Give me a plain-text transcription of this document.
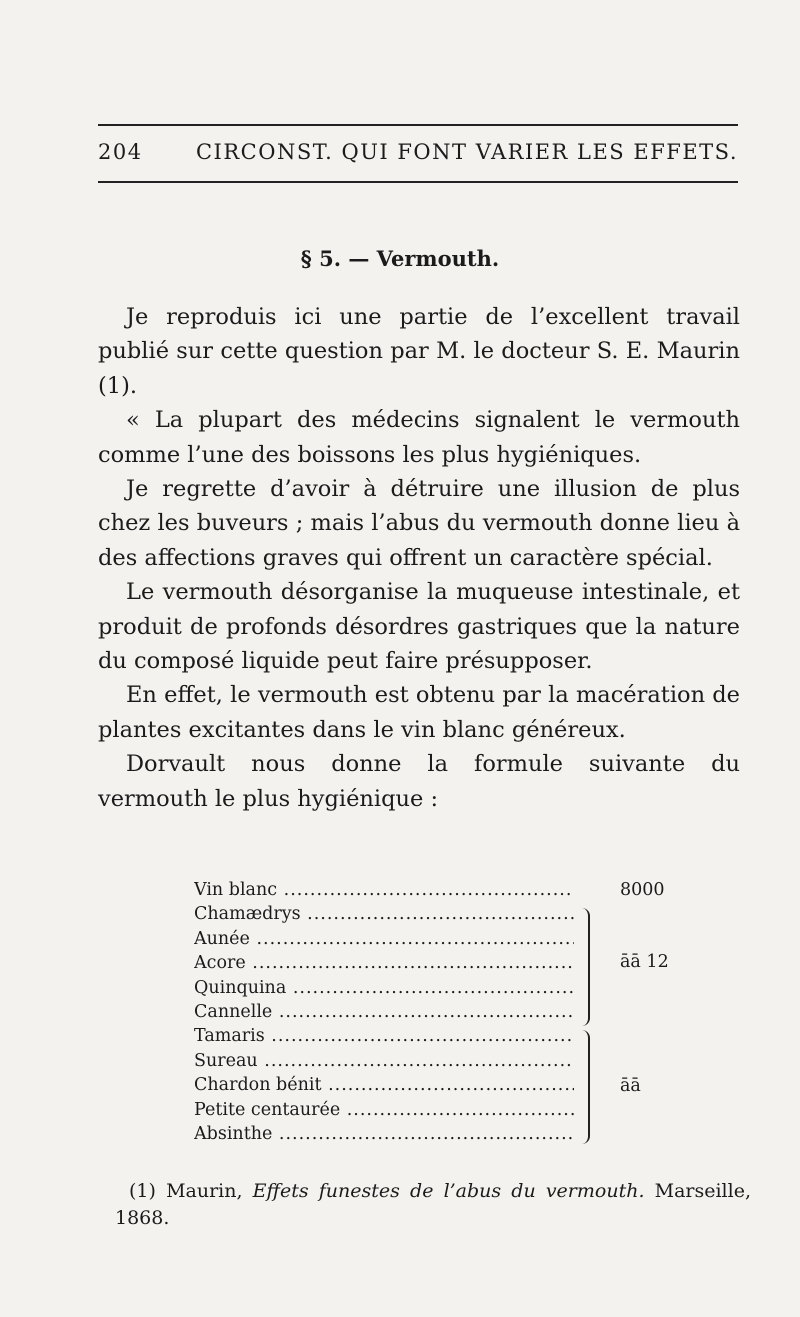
204	CIRCONST. QUI FONT VARIER LES EFFETS.
§ 5. — Vermouth.

Je reproduis ici une partie de l’excellent travail publié sur cette question par M. le docteur S. E. Maurin (1).

« La plupart des médecins signalent le vermouth comme l’une des boissons les plus hygiéniques.

Je regrette d’avoir à détruire une illusion de plus chez les buveurs ; mais l’abus du vermouth donne lieu à des affections graves qui offrent un caractère spécial.

Le vermouth désorganise la muqueuse intestinale, et produit de profonds désordres gastriques que la nature du composé liquide peut faire présupposer.

En effet, le vermouth est obtenu par la macération de plantes excitantes dans le vin blanc généreux.

Dorvault nous donne la formule suivante du vermouth le plus hygiénique :

Vin blanc .....	8000
Chamædrys .....
Aunée .....
Acore .....
Quinquina .....
Cannelle .....
Tamaris .....
Sureau .....
Chardon bénit .....
Petite centaurée .....
Absinthe .....
āā 12
āā

(1) Maurin, Effets funestes de l’abus du vermouth. Marseille, 1868.
